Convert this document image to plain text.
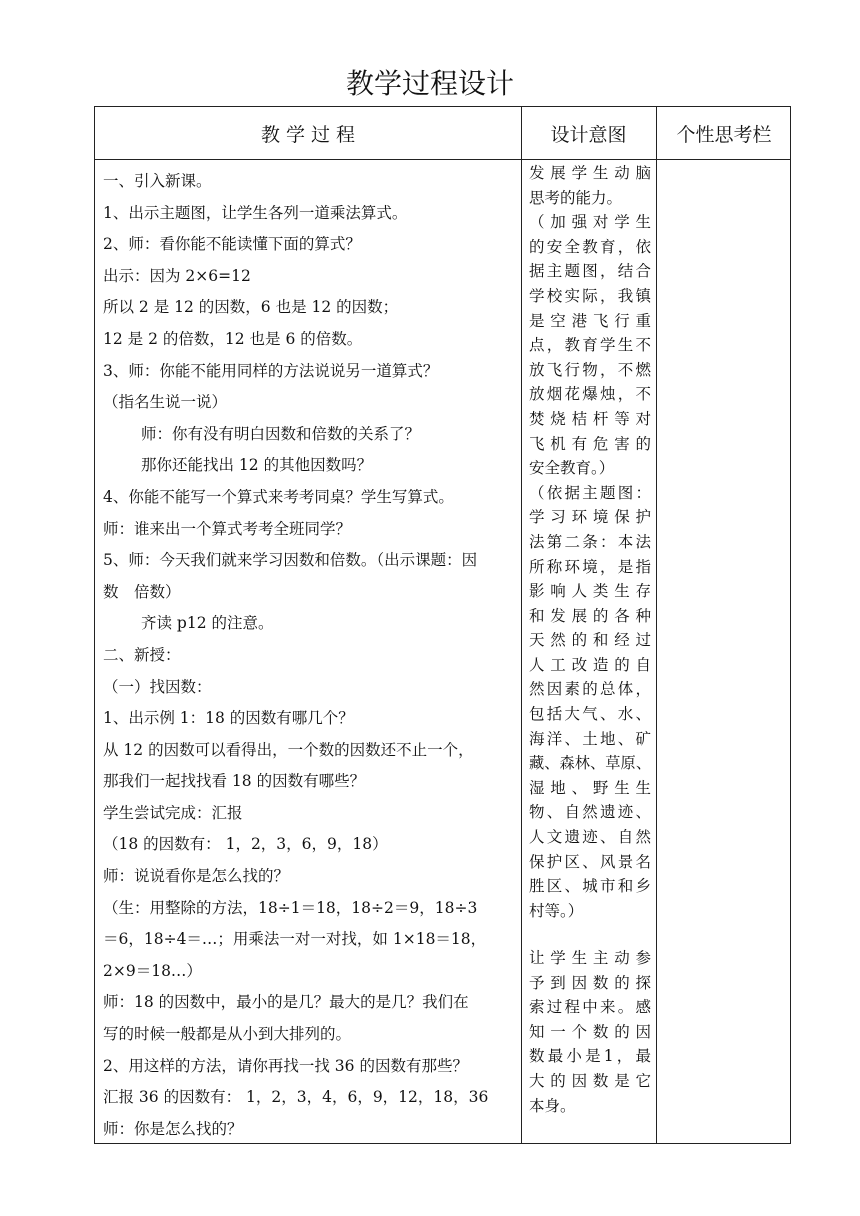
教学过程设计
教 学 过 程	设计意图	个性思考栏
一、引入新课。
1、出示主题图，让学生各列一道乘法算式。
2、师：看你能不能读懂下面的算式？
出示：因为 2×6=12
所以 2 是 12 的因数，6 也是 12 的因数；
12 是 2 的倍数，12 也是 6 的倍数。
3、师：你能不能用同样的方法说说另一道算式？
（指名生说一说）
师：你有没有明白因数和倍数的关系了？
那你还能找出 12 的其他因数吗？
4、你能不能写一个算式来考考同桌？学生写算式。
师：谁来出一个算式考考全班同学？
5、师：今天我们就来学习因数和倍数。（出示课题：因
数　倍数）
齐读 p12 的注意。
二、新授：
（一）找因数：
1、出示例 1：18 的因数有哪几个？
从 12 的因数可以看得出，一个数的因数还不止一个，
那我们一起找找看 18 的因数有哪些？
学生尝试完成：汇报
（18 的因数有： 1，2，3，6，9，18）
师：说说看你是怎么找的？
（生：用整除的方法，18÷1＝18，18÷2＝9，18÷3
＝6，18÷4＝…；用乘法一对一对找，如 1×18＝18，
2×9＝18…）
师：18 的因数中，最小的是几？最大的是几？我们在
写的时候一般都是从小到大排列的。
2、用这样的方法，请你再找一找 36 的因数有那些？
汇报 36 的因数有： 1，2，3，4，6，9，12，18，36
师：你是怎么找的？
发展学生动脑
思考的能力。
（加强对学生
的安全教育，依
据主题图，结合
学校实际，我镇
是空港飞行重
点，教育学生不
放飞行物，不燃
放烟花爆烛，不
焚烧桔杆等对
飞机有危害的
安全教育。）
（依据主题图：
学习环境保护
法第二条：本法
所称环境，是指
影响人类生存
和发展的各种
天然的和经过
人工改造的自
然因素的总体，
包括大气、水、
海洋、土地、矿
藏、森林、草原、
湿地、野生生
物、自然遗迹、
人文遗迹、自然
保护区、风景名
胜区、城市和乡
村等。）
让学生主动参
予到因数的探
索过程中来。感
知一个数的因
数最小是1，最
大的因数是它
本身。
